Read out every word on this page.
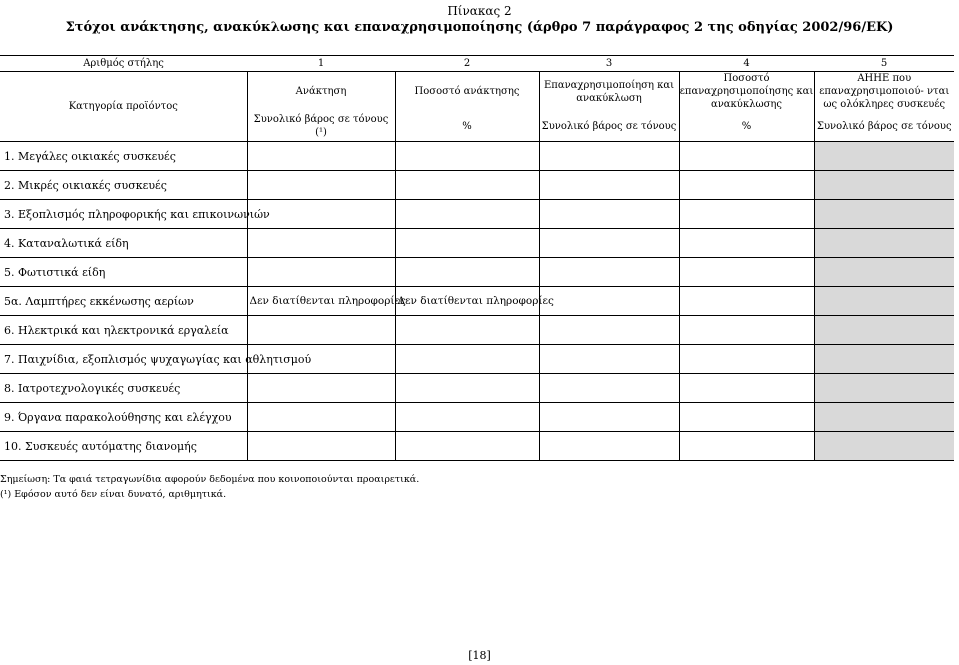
Πίνακας 2
Στόχοι ανάκτησης, ανακύκλωσης και επαναχρησιμοποίησης (άρθρο 7 παράγραφος 2 της οδηγίας 2002/96/ΕΚ)
Αριθμός στήλης	1	2	3	4	5
Κατηγορία προϊόντος	Ανάκτηση	Ποσοστό ανάκτησης	Επαναχρησιμοποίηση και ανακύκλωση	Ποσοστό επαναχρησιμοποίησης και ανακύκλωσης	ΑΗΗΕ που επαναχρησιμοποιού- νται ως ολόκληρες συσκευές
	Συνολικό βάρος σε τόνους (¹)	%	Συνολικό βάρος σε τόνους	%	Συνολικό βάρος σε τόνους
1. Μεγάλες οικιακές συσκευές					
2. Μικρές οικιακές συσκευές					
3. Εξοπλισμός πληροφορικής και επικοινωνιών					
4. Καταναλωτικά είδη					
5. Φωτιστικά είδη					
5α. Λαμπτήρες εκκένωσης αερίων	Δεν διατίθενται πληροφορίες	Δεν διατίθενται πληροφορίες			
6. Ηλεκτρικά και ηλεκτρονικά εργαλεία					
7. Παιχνίδια, εξοπλισμός ψυχαγωγίας και αθλητισμού					
8. Ιατροτεχνολογικές συσκευές					
9. Όργανα παρακολούθησης και ελέγχου					
10. Συσκευές αυτόματης διανομής					
Σημείωση: Τα φαιά τετραγωνίδια αφορούν δεδομένα που κοινοποιούνται προαιρετικά.
(¹) Εφόσον αυτό δεν είναι δυνατό, αριθμητικά.
[18]
